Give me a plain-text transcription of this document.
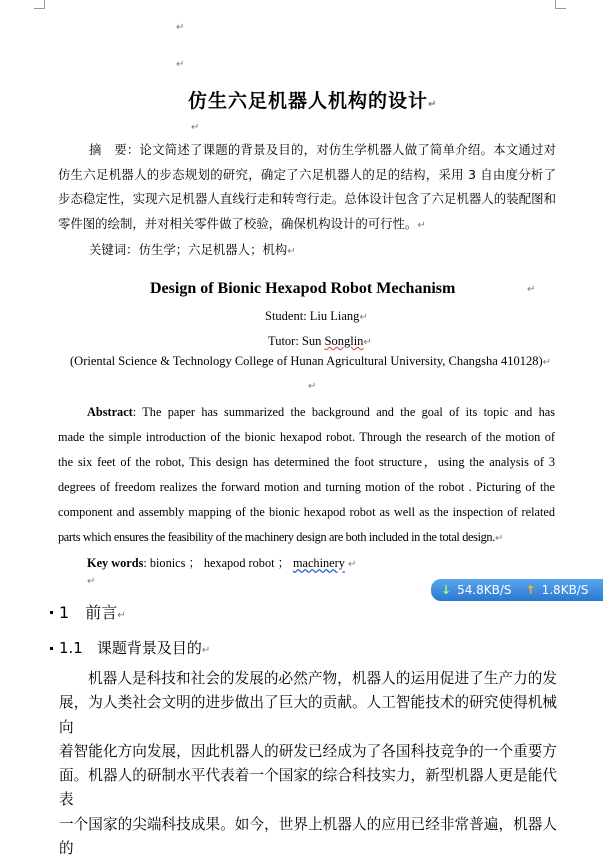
↵
↵
仿生六足机器人机构的设计↵
↵
摘　要：论文简述了课题的背景及目的，对仿生学机器人做了简单介绍。本文通过对
仿生六足机器人的步态规划的研究，确定了六足机器人的足的结构，采用 3 自由度分析了
步态稳定性，实现六足机器人直线行走和转弯行走。总体设计包含了六足机器人的装配图和
零件图的绘制，并对相关零件做了校验，确保机构设计的可行性。↵
关键词：仿生学；六足机器人；机构↵
Design of Bionic Hexapod Robot Mechanism	↵
Student: Liu Liang↵
Tutor: Sun Songlin↵
(Oriental Science & Technology College of Hunan Agricultural University, Changsha 410128)↵
↵
Abstract: The paper has summarized the background and the goal of its topic and has
made the simple introduction of the bionic hexapod robot. Through the research of the motion of
the six feet of the robot, This design has determined the foot structure，using the analysis of 3
degrees of freedom realizes the forward motion and turning motion of the robot . Picturing of the
component and assembly mapping of the bionic hexapod robot as well as the inspection of related
parts which ensures the feasibility of the machinery design are both included in the total design.↵
Key words: bionics ； hexapod robot ； machinery ↵
↵
↓ 54.8KB/S ↑ 1.8KB/S
1 前言↵
1.1 课题背景及目的↵
机器人是科技和社会的发展的必然产物，机器人的运用促进了生产力的发
展，为人类社会文明的进步做出了巨大的贡献。人工智能技术的研究使得机械向
着智能化方向发展，因此机器人的研发已经成为了各国科技竞争的一个重要方
面。机器人的研制水平代表着一个国家的综合科技实力，新型机器人更是能代表
一个国家的尖端科技成果。如今，世界上机器人的应用已经非常普遍，机器人的
